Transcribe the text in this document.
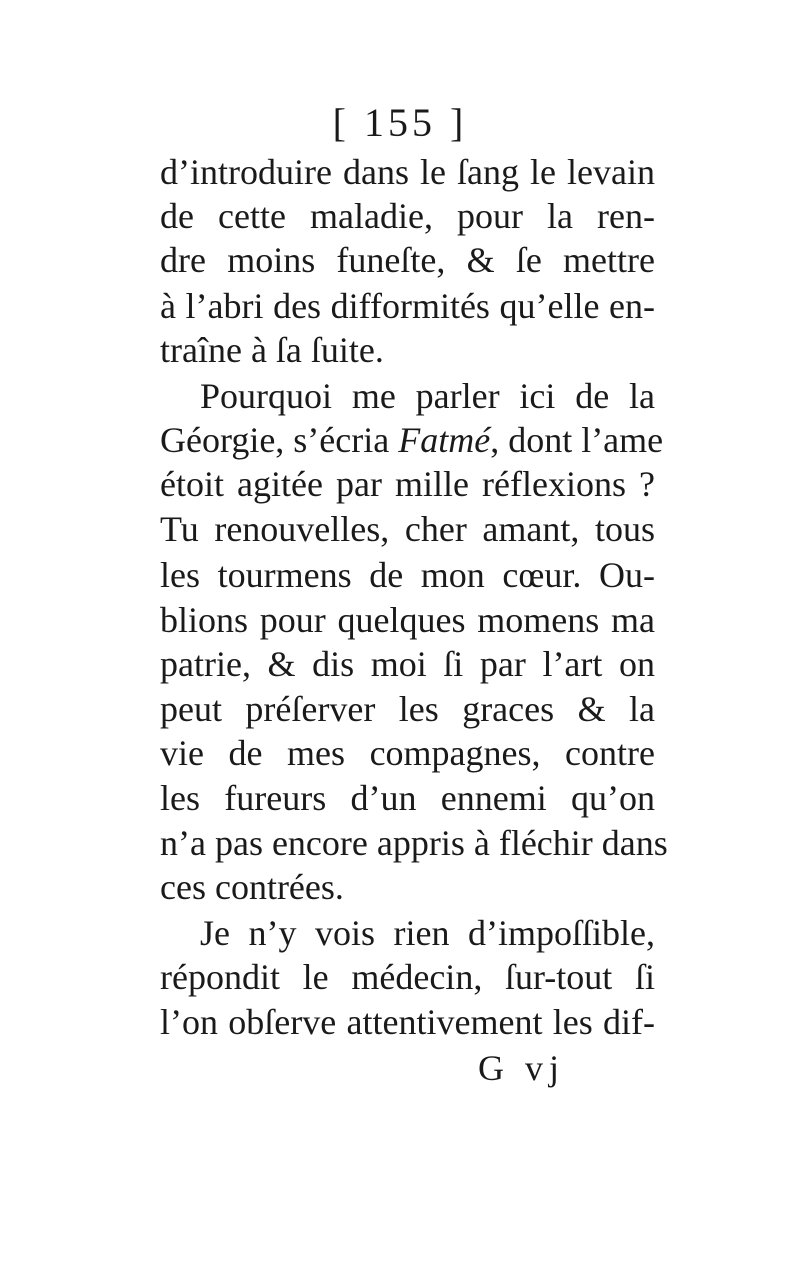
[ 155 ]
d’introduire dans le ſang le levain
de cette maladie, pour la ren-
dre moins funeſte, & ſe mettre
à l’abri des difformités qu’elle en-
traîne à ſa ſuite.
Pourquoi me parler ici de la
Géorgie, s’écria Fatmé, dont l’ame
étoit agitée par mille réflexions ?
Tu renouvelles, cher amant, tous
les tourmens de mon cœur. Ou-
blions pour quelques momens ma
patrie, & dis moi ſi par l’art on
peut préſerver les graces & la
vie de mes compagnes, contre
les fureurs d’un ennemi qu’on
n’a pas encore appris à fléchir dans
ces contrées.
Je n’y vois rien d’impoſſible,
répondit le médecin, ſur-tout ſi
l’on obſerve attentivement les dif-
G vj
